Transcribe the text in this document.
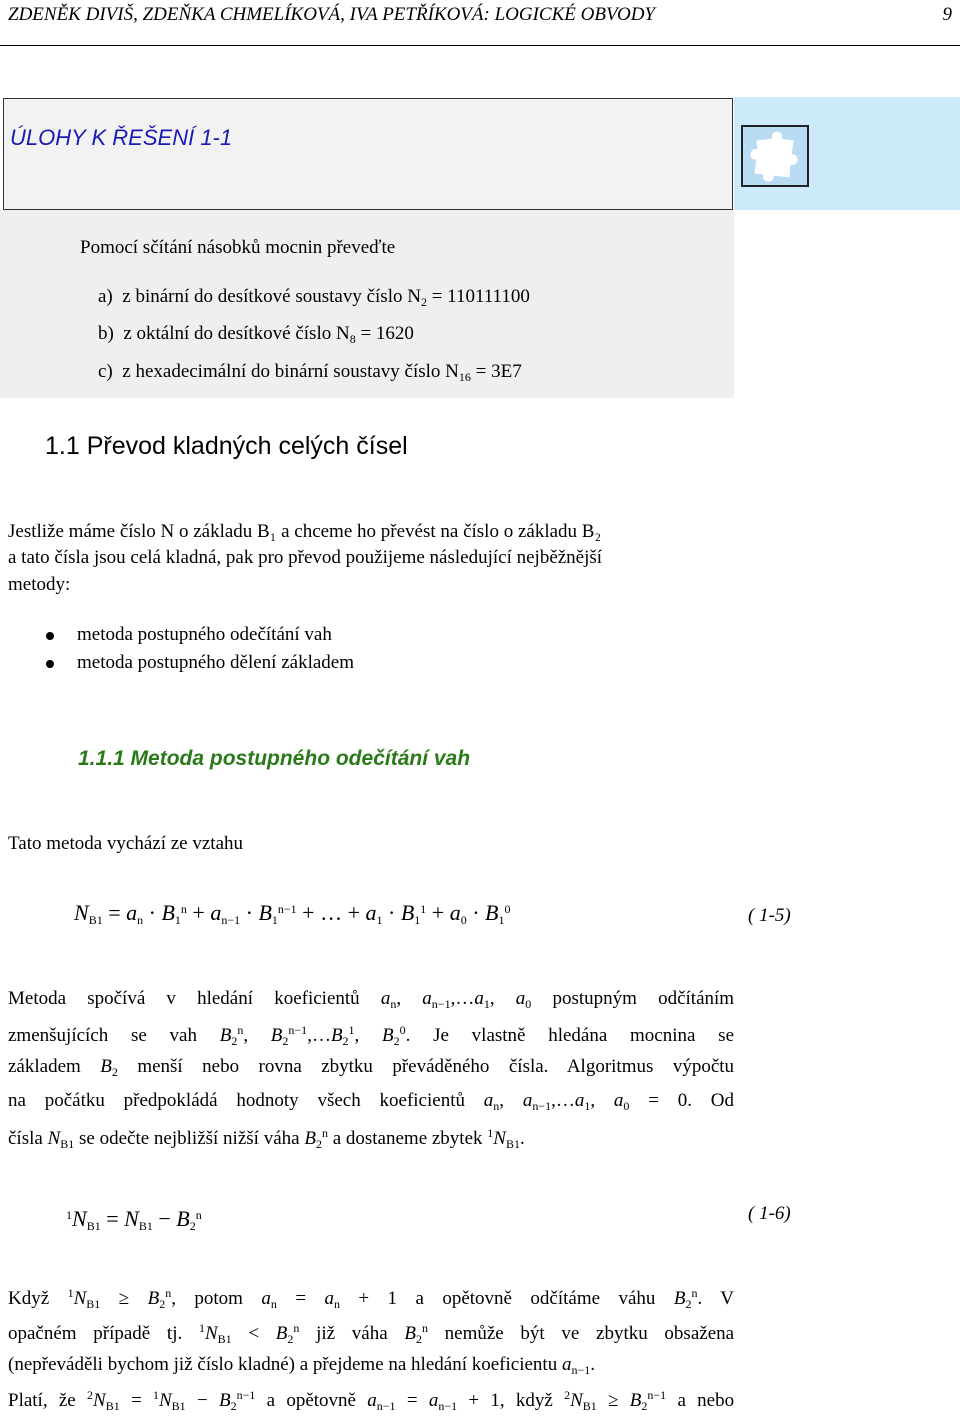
ZDENĚK DIVIŠ, ZDEŇKA CHMELÍKOVÁ, IVA PETŘÍKOVÁ: LOGICKÉ OBVODY	9
ÚLOHY K ŘEŠENÍ 1-1
Pomocí sčítání násobků mocnin převeďte
a) z binární do desítkové soustavy číslo $N_2 = 110111100$
b) z oktální do desítkové číslo $N_8 = 1620$
c) z hexadecimální do binární soustavy číslo $N_{16} = 3E7$
1.1 Převod kladných celých čísel
Jestliže máme číslo N o základu B₁ a chceme ho převést na číslo o základu B₂
a tato čísla jsou celá kladná, pak pro převod použijeme následující nejběžnější
metody:
metoda postupného odečítání vah
metoda postupného dělení základem
1.1.1 Metoda postupného odečítání vah
Tato metoda vychází ze vztahu
$N_{B1} = a_n \cdot B_1^n + a_{n-1} \cdot B_1^{n-1}$ + … + $a_1 \cdot B_1^1 + a_0 \cdot B_1^0$	( 1-5)
Metoda spočívá v hledání koeficientů $a_n$, $a_{n-1},\dots a_1$, $a_0$ postupným odčítáním
zmenšujících se vah $B_2^n$, $B_2^{n-1},\dots B_2^1$, $B_2^0$. Je vlastně hledána mocnina se
základem $B_2$ menší nebo rovna zbytku převáděného čísla. Algoritmus výpočtu
na počátku předpokládá hodnoty všech koeficientů $a_n$, $a_{n-1},\dots a_1$, $a_0 = 0$. Od
čísla $N_{B1}$ se odečte nejbližší nižší váha $B_2^n$ a dostaneme zbytek $^1N_{B1}$.
$^1N_{B1} = N_{B1} - B_2^n$	( 1-6)
Když $^1N_{B1} \ge B_2^n$, potom $a_n = a_n + 1$ a opětovně odčítáme váhu $B_2^n$. V
opačném případě tj. $^1N_{B1} < B_2^n$ již váha $B_2^n$ nemůže být ve zbytku obsažena
(nepřeváděli bychom již číslo kladné) a přejdeme na hledání koeficientu $a_{n-1}$.
Platí, že $^2N_{B1} = ^1N_{B1} - B_2^{n-1}$ a opětovně $a_{n-1} = a_{n-1} + 1$, když $^2N_{B1} \ge B_2^{n-1}$ a nebo
